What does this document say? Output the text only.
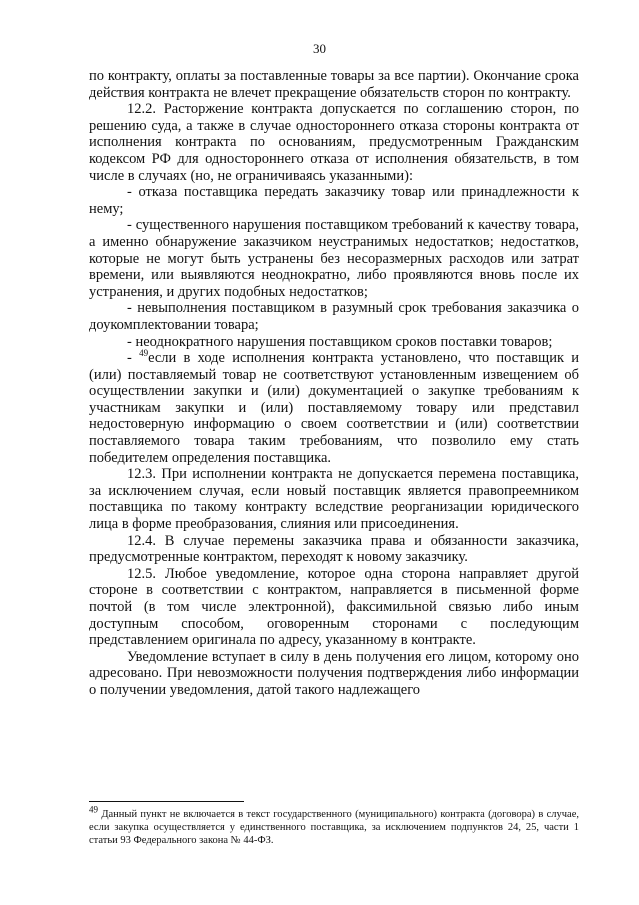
30

по контракту, оплаты за поставленные товары за все партии). Окончание срока действия контракта не влечет прекращение обязательств сторон по контракту.

12.2. Расторжение контракта допускается по соглашению сторон, по решению суда, а также в случае одностороннего отказа стороны контракта от исполнения контракта по основаниям, предусмотренным Гражданским кодексом РФ для одностороннего отказа от исполнения обязательств, в том числе в случаях (но, не ограничиваясь указанными):

- отказа поставщика передать заказчику товар или принадлежности к нему;

- существенного нарушения поставщиком требований к качеству товара, а именно обнаружение заказчиком неустранимых недостатков; недостатков, которые не могут быть устранены без несоразмерных расходов или затрат времени, или выявляются неоднократно, либо проявляются вновь после их устранения, и других подобных недостатков;

- невыполнения поставщиком в разумный срок требования заказчика о доукомплектовании товара;

- неоднократного нарушения поставщиком сроков поставки товаров;

- $^{49}$если в ходе исполнения контракта установлено, что поставщик и (или) поставляемый товар не соответствуют установленным извещением об осуществлении закупки и (или) документацией о закупке требованиям к участникам закупки и (или) поставляемому товару или представил недостоверную информацию о своем соответствии и (или) соответствии поставляемого товара таким требованиям, что позволило ему стать победителем определения поставщика.

12.3. При исполнении контракта не допускается перемена поставщика, за исключением случая, если новый поставщик является правопреемником поставщика по такому контракту вследствие реорганизации юридического лица в форме преобразования, слияния или присоединения.

12.4. В случае перемены заказчика права и обязанности заказчика, предусмотренные контрактом, переходят к новому заказчику.

12.5. Любое уведомление, которое одна сторона направляет другой стороне в соответствии с контрактом, направляется в письменной форме почтой (в том числе электронной), факсимильной связью либо иным доступным способом, оговоренным сторонами с последующим представлением оригинала по адресу, указанному в контракте.

Уведомление вступает в силу в день получения его лицом, которому оно адресовано. При невозможности получения подтверждения либо информации о получении уведомления, датой такого надлежащего

$^{49}$ Данный пункт не включается в текст государственного (муниципального) контракта (договора) в случае, если закупка осуществляется у единственного поставщика, за исключением подпунктов 24, 25, части 1 статьи 93 Федерального закона № 44-ФЗ.
